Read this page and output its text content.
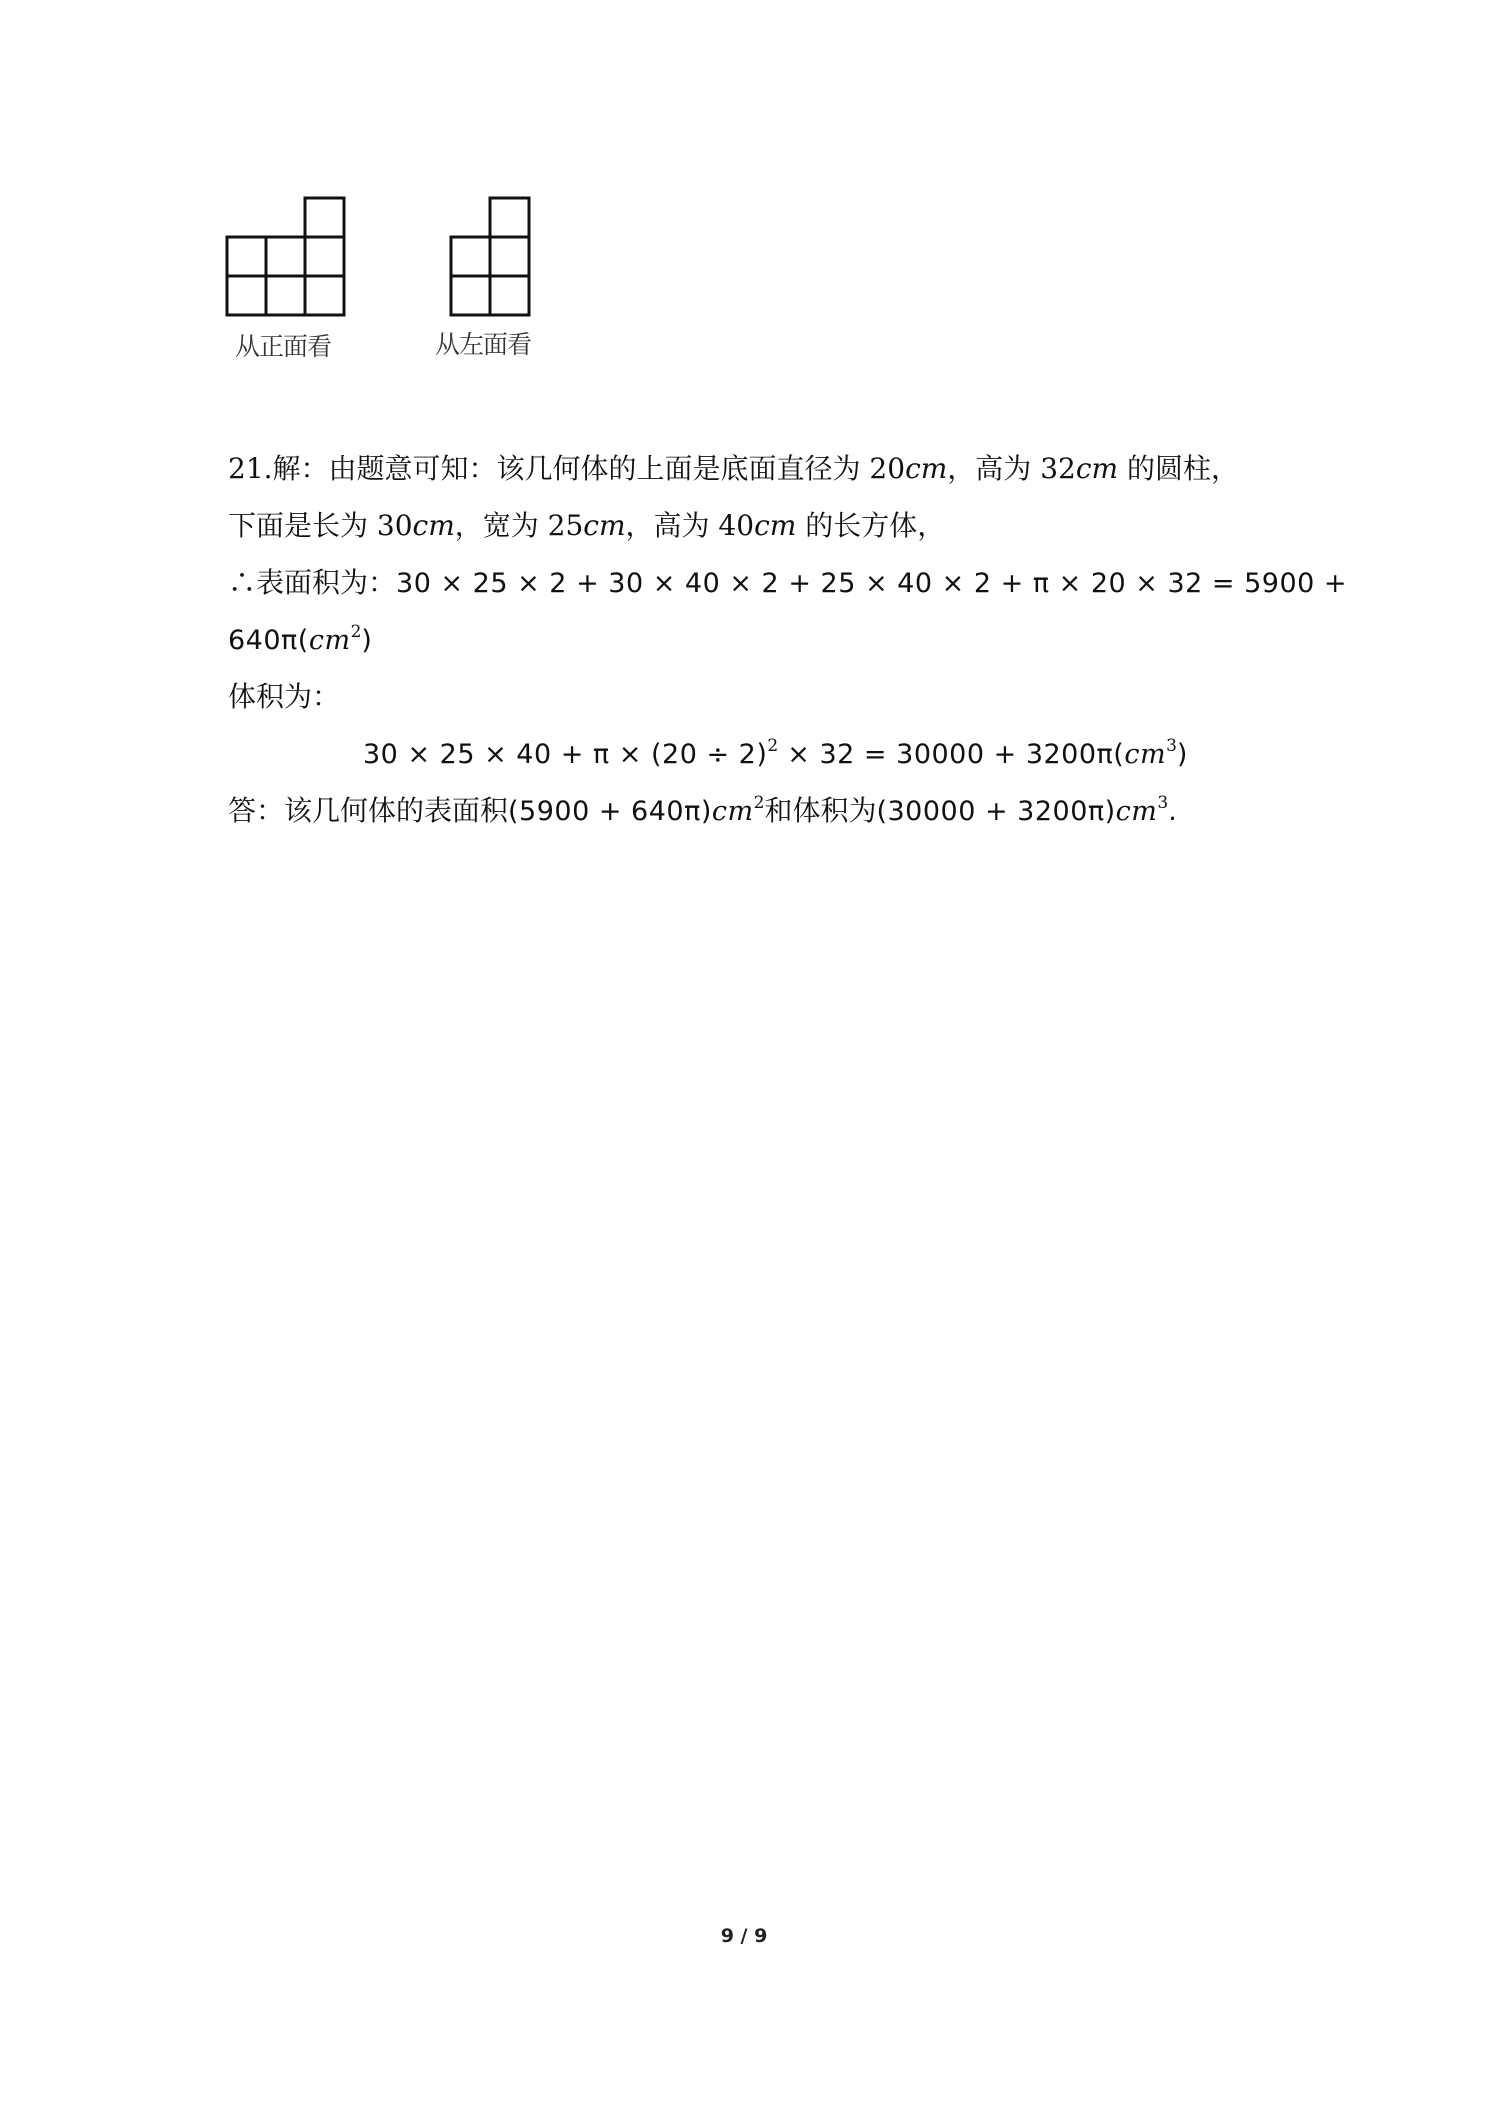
从正面看	从左面看
21.解：由题意可知：该几何体的上面是底面直径为 20cm，高为 32cm 的圆柱，
下面是长为 30cm，宽为 25cm，高为 40cm 的长方体，
∴表面积为：30 × 25 × 2 + 30 × 40 × 2 + 25 × 40 × 2 + π × 20 × 32 = 5900 +
$640\pi(cm^2)$
体积为：
$30 \times 25 \times 40 + \pi \times (20 \div 2)^2 \times 32 = 30000 + 3200\pi(cm^3)$
答：该几何体的表面积$(5900 + 640\pi)cm^2$和体积为$(30000 + 3200\pi)cm^3$.
9 / 9
